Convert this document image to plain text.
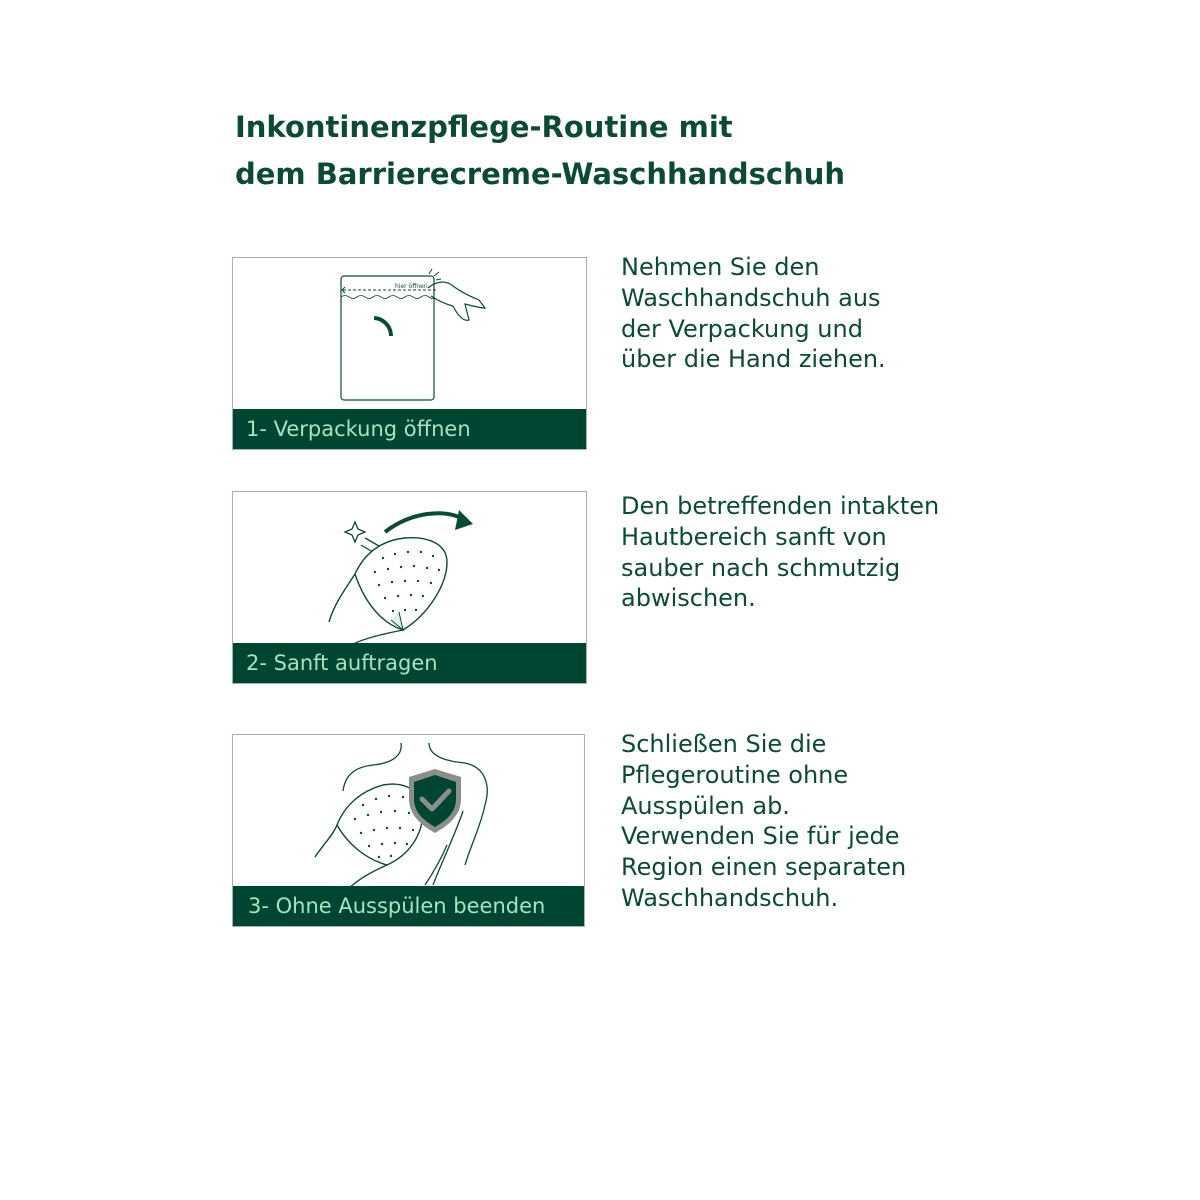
Inkontinenzpflege-Routine mit
dem Barrierecreme-Waschhandschuh
hier öffnen
1- Verpackung öffnen
Nehmen Sie den
Waschhandschuh aus
der Verpackung und
über die Hand ziehen.
2- Sanft auftragen
Den betreffenden intakten
Hautbereich sanft von
sauber nach schmutzig
abwischen.
3- Ohne Ausspülen beenden
Schließen Sie die
Pflegeroutine ohne
Ausspülen ab.
Verwenden Sie für jede
Region einen separaten
Waschhandschuh.
